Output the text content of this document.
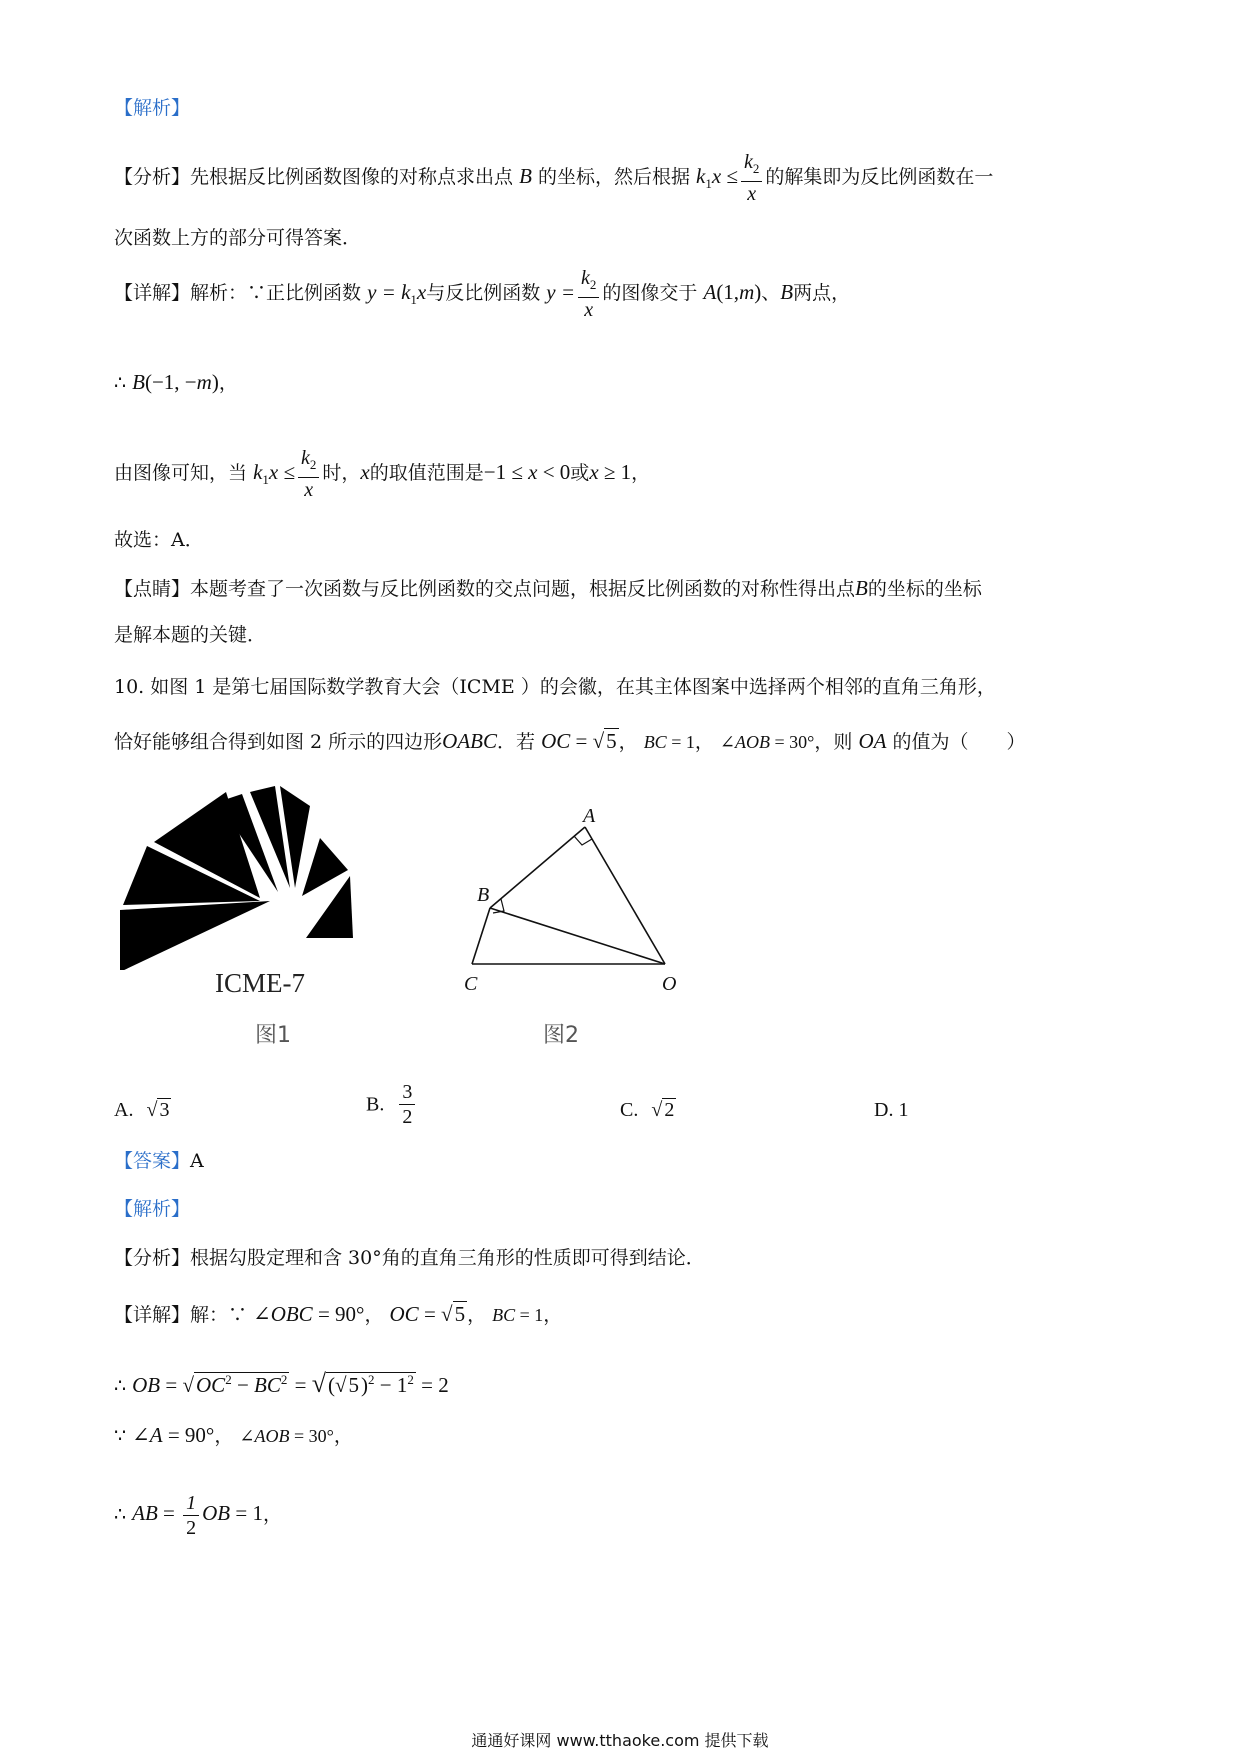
【解析】
【分析】先根据反比例函数图像的对称点求出点 B 的坐标，然后根据 $k_1x \le \frac{k_2}{x}$ 的解集即为反比例函数在一
次函数上方的部分可得答案．
【详解】解析：∵正比例函数 $y = k_1x$与反比例函数 $y = \frac{k_2}{x}$ 的图像交于 A(1,m)、B两点，
∴ B(−1, −m)，
由图像可知，当 $k_1x \le \frac{k_2}{x}$ 时，x的取值范围是−1 ≤ x < 0或x ≥ 1，
故选：A．
【点睛】本题考查了一次函数与反比例函数的交点问题，根据反比例函数的对称性得出点B的坐标的坐标
是解本题的关键．
10. 如图 1 是第七届国际数学教育大会（ICME ）的会徽，在其主体图案中选择两个相邻的直角三角形，
恰好能够组合得到如图 2 所示的四边形OABC．若 OC = √5 ， BC = 1， ∠AOB = 30°，则 OA 的值为（　　）
ICME-7
图1
A
B
C	O
图2
A. √ 3	B. $\frac{3}{2}$	C. √ 2	D. 1
【答案】A
【解析】
【分析】根据勾股定理和含 30°角的直角三角形的性质即可得到结论．
【详解】解：∵ ∠OBC = 90°， OC = √5 ， BC = 1，
∴ OB = $√OC^2 - BC^2 = √(√5)^2 - 1^2 = 2$
∵ ∠A = 90°， ∠AOB = 30°，
∴ AB = $\frac{1}{2}$ OB = 1，
通通好课网 www.tthaoke.com 提供下载
